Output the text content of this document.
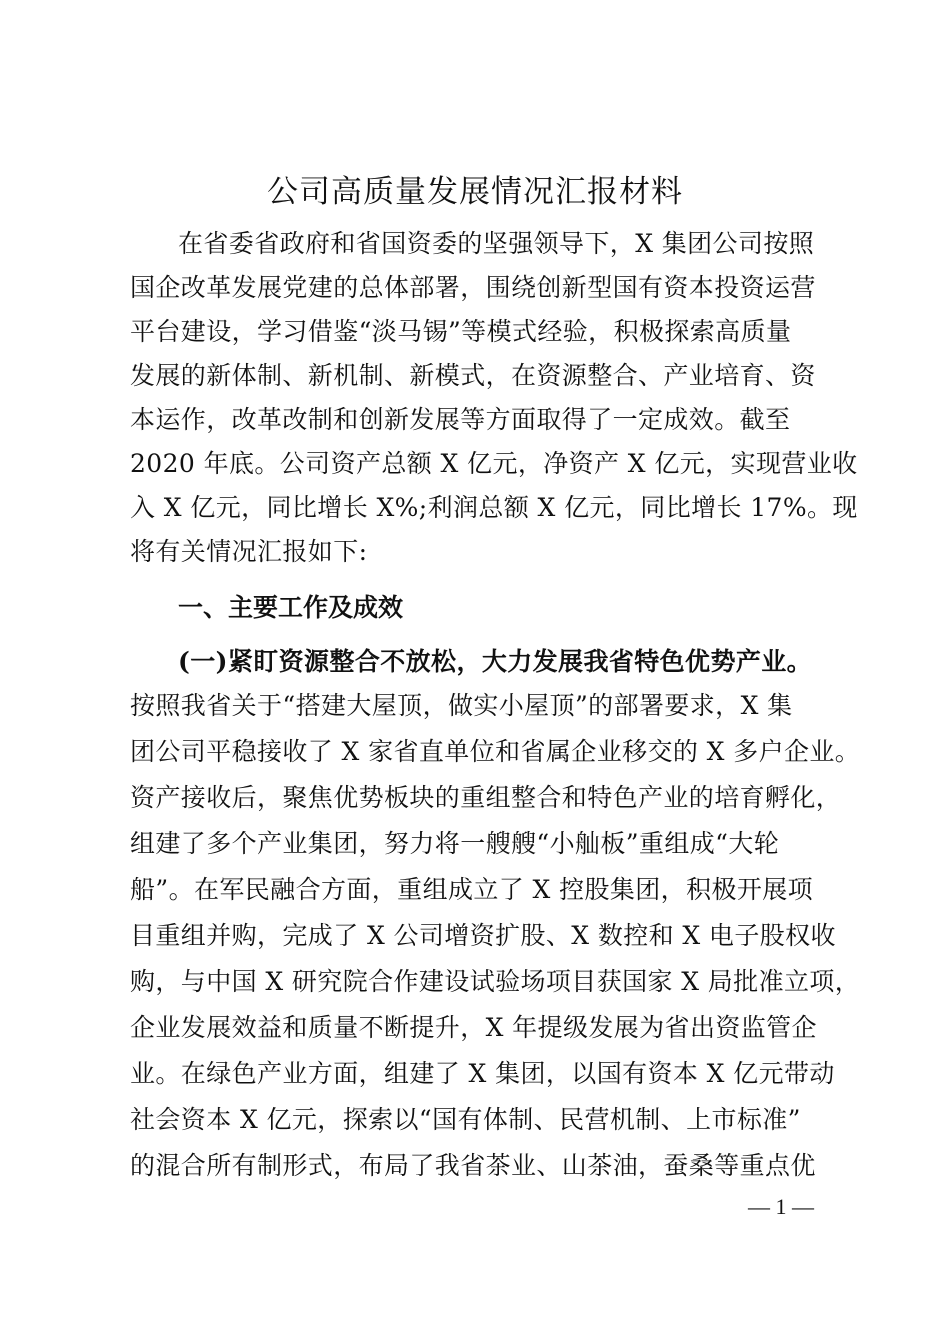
公司高质量发展情况汇报材料
在省委省政府和省国资委的坚强领导下，X 集团公司按照
国企改革发展党建的总体部署，围绕创新型国有资本投资运营
平台建设，学习借鉴“淡马锡”等模式经验，积极探索高质量
发展的新体制、新机制、新模式，在资源整合、产业培育、资
本运作，改革改制和创新发展等方面取得了一定成效。截至
2020 年底。公司资产总额 X 亿元，净资产 X 亿元，实现营业收
入 X 亿元，同比增长 X%;利润总额 X 亿元，同比增长 17%。现
将有关情况汇报如下:
一、主要工作及成效
(一)紧盯资源整合不放松，大力发展我省特色优势产业。
按照我省关于“搭建大屋顶，做实小屋顶”的部署要求，X 集
团公司平稳接收了 X 家省直单位和省属企业移交的 X 多户企业。
资产接收后，聚焦优势板块的重组整合和特色产业的培育孵化，
组建了多个产业集团，努力将一艘艘“小舢板”重组成“大轮
船”。在军民融合方面，重组成立了 X 控股集团，积极开展项
目重组并购，完成了 X 公司增资扩股、X 数控和 X 电子股权收
购，与中国 X 研究院合作建设试验场项目获国家 X 局批准立项，
企业发展效益和质量不断提升，X 年提级发展为省出资监管企
业。在绿色产业方面，组建了 X 集团，以国有资本 X 亿元带动
社会资本 X 亿元，探索以“国有体制、民营机制、上市标准”
的混合所有制形式，布局了我省茶业、山茶油，蚕桑等重点优
— 1 —
